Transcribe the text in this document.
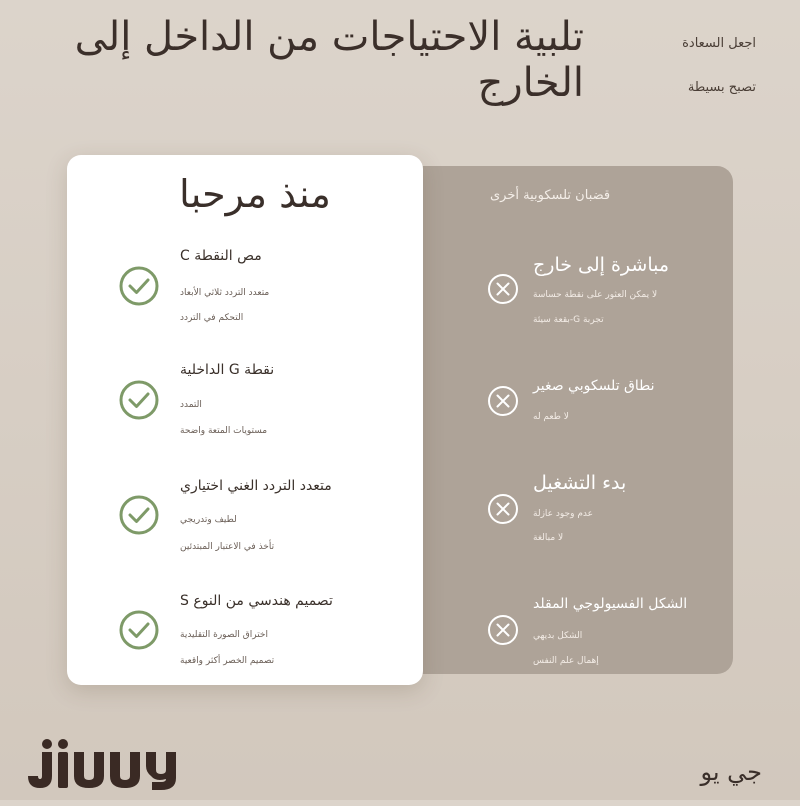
تلبية الاحتياجات من الداخل إلى الخارج
اجعل السعادة
تصبح بسيطة
قضبان تلسكوبية أخرى
منذ مرحبا
مص النقطة C
متعدد التردد ثلاثي الأبعاد
التحكم في التردد
نقطة G الداخلية
التمدد
مستويات المتعة واضحة
متعدد التردد الغني اختياري
لطيف وتدريجي
تأخذ في الاعتبار المبتدئين
تصميم هندسي من النوع S
اختراق الصورة التقليدية
تصميم الخصر أكثر واقعية
مباشرة إلى خارج
لا يمكن العثور على نقطة حساسة
تجربة G-بقعة سيئة
نطاق تلسكوبي صغير
لا طعم له
بدء التشغيل
عدم وجود عازلة
لا مبالغة
الشكل الفسيولوجي المقلد
الشكل بديهي
إهمال علم النفس
جي يو
